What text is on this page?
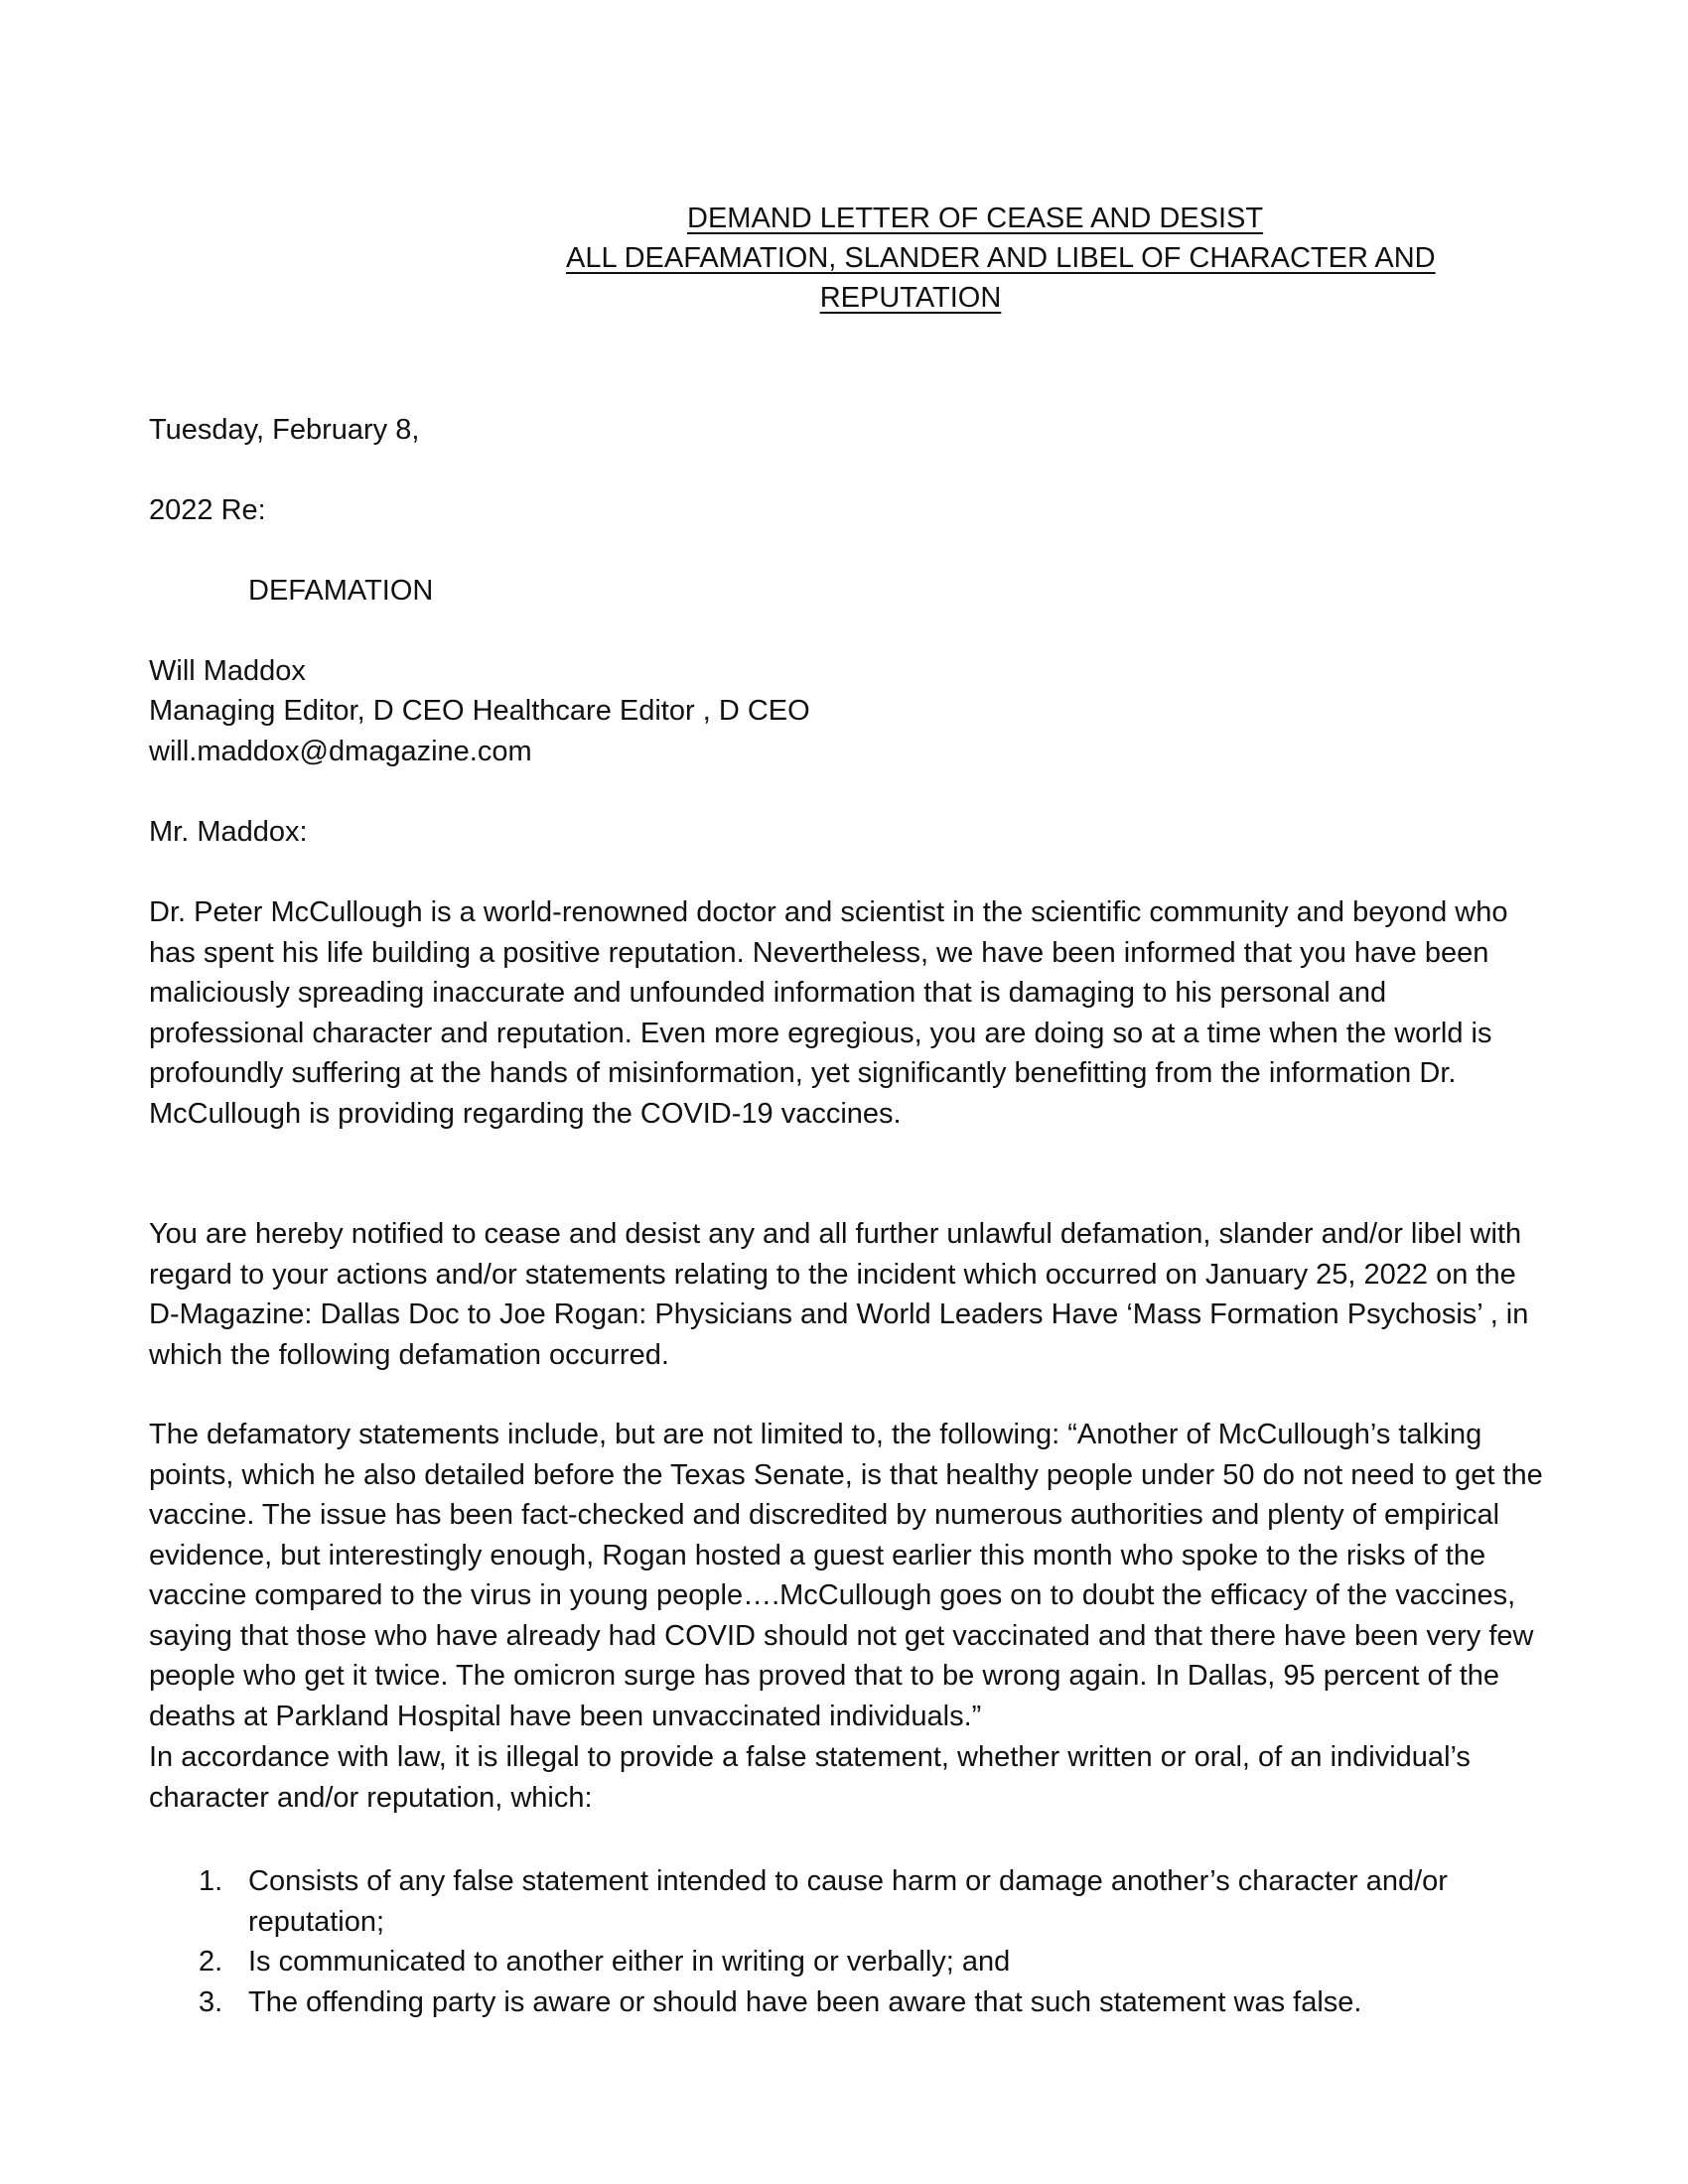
DEMAND LETTER OF CEASE AND DESIST
ALL DEAFAMATION, SLANDER AND LIBEL OF CHARACTER AND
REPUTATION
Tuesday, February 8,
2022 Re:
DEFAMATION
Will Maddox
Managing Editor, D CEO Healthcare Editor , D CEO
will.maddox@dmagazine.com
Mr. Maddox:

Dr. Peter McCullough is a world-renowned doctor and scientist in the scientific community and beyond who has spent his life building a positive reputation. Nevertheless, we have been informed that you have been maliciously spreading inaccurate and unfounded information that is damaging to his personal and professional character and reputation. Even more egregious, you are doing so at a time when the world is profoundly suffering at the hands of misinformation, yet significantly benefitting from the information Dr. McCullough is providing regarding the COVID-19 vaccines.

You are hereby notified to cease and desist any and all further unlawful defamation, slander and/or libel with regard to your actions and/or statements relating to the incident which occurred on January 25, 2022 on the D-Magazine: Dallas Doc to Joe Rogan: Physicians and World Leaders Have ‘Mass Formation Psychosis’ , in which the following defamation occurred.

The defamatory statements include, but are not limited to, the following: “Another of McCullough’s talking points, which he also detailed before the Texas Senate, is that healthy people under 50 do not need to get the vaccine. The issue has been fact-checked and discredited by numerous authorities and plenty of empirical evidence, but interestingly enough, Rogan hosted a guest earlier this month who spoke to the risks of the vaccine compared to the virus in young people….McCullough goes on to doubt the efficacy of the vaccines, saying that those who have already had COVID should not get vaccinated and that there have been very few people who get it twice. The omicron surge has proved that to be wrong again. In Dallas, 95 percent of the deaths at Parkland Hospital have been unvaccinated individuals.”

In accordance with law, it is illegal to provide a false statement, whether written or oral, of an individual’s character and/or reputation, which:

1. Consists of any false statement intended to cause harm or damage another’s character and/or reputation;
2. Is communicated to another either in writing or verbally; and
3. The offending party is aware or should have been aware that such statement was false.
